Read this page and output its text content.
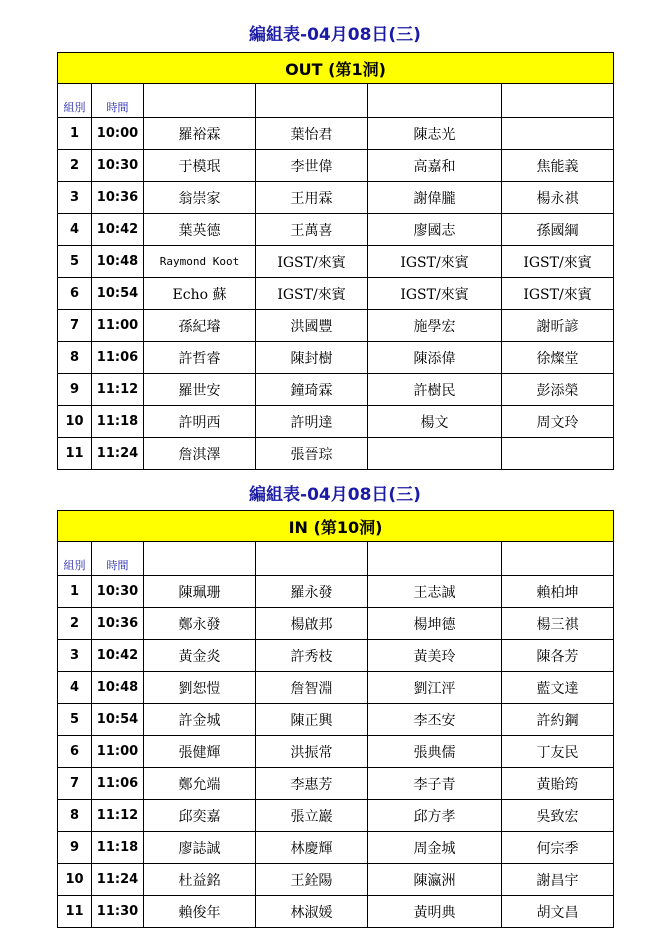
編組表-04月08日(三)
OUT (第1洞)					
組別	時間				
1	10:00	羅裕霖	葉怡君	陳志光	
2	10:30	于模珉	李世偉	高嘉和	焦能義
3	10:36	翁崇家	王用霖	謝偉朧	楊永祺
4	10:42	葉英德	王萬喜	廖國志	孫國綱
5	10:48	Raymond Koot	IGST/來賓	IGST/來賓	IGST/來賓
6	10:54	Echo 蘇	IGST/來賓	IGST/來賓	IGST/來賓
7	11:00	孫紀璿	洪國豐	施學宏	謝昕諺
8	11:06	許哲睿	陳封樹	陳添偉	徐燦堂
9	11:12	羅世安	鐘琦霖	許樹民	彭添榮
10	11:18	許明西	許明達	楊文	周文玲
11	11:24	詹淇澤	張晉琮		
編組表-04月08日(三)
IN (第10洞)					
組別	時間				
1	10:30	陳珮珊	羅永發	王志誠	賴柏坤
2	10:36	鄭永發	楊啟邦	楊坤德	楊三祺
3	10:42	黃金炎	許秀枝	黃美玲	陳各芳
4	10:48	劉恕愷	詹智淵	劉江泙	藍文達
5	10:54	許金城	陳正興	李丕安	許約鋼
6	11:00	張健輝	洪振常	張典儒	丁友民
7	11:06	鄭允端	李惠芳	李子青	黃貽筠
8	11:12	邱奕嘉	張立巖	邱方孝	吳致宏
9	11:18	廖誌誠	林慶輝	周金城	何宗季
10	11:24	杜益銘	王銓陽	陳瀛洲	謝昌宇
11	11:30	賴俊年	林淑媛	黃明典	胡文昌
